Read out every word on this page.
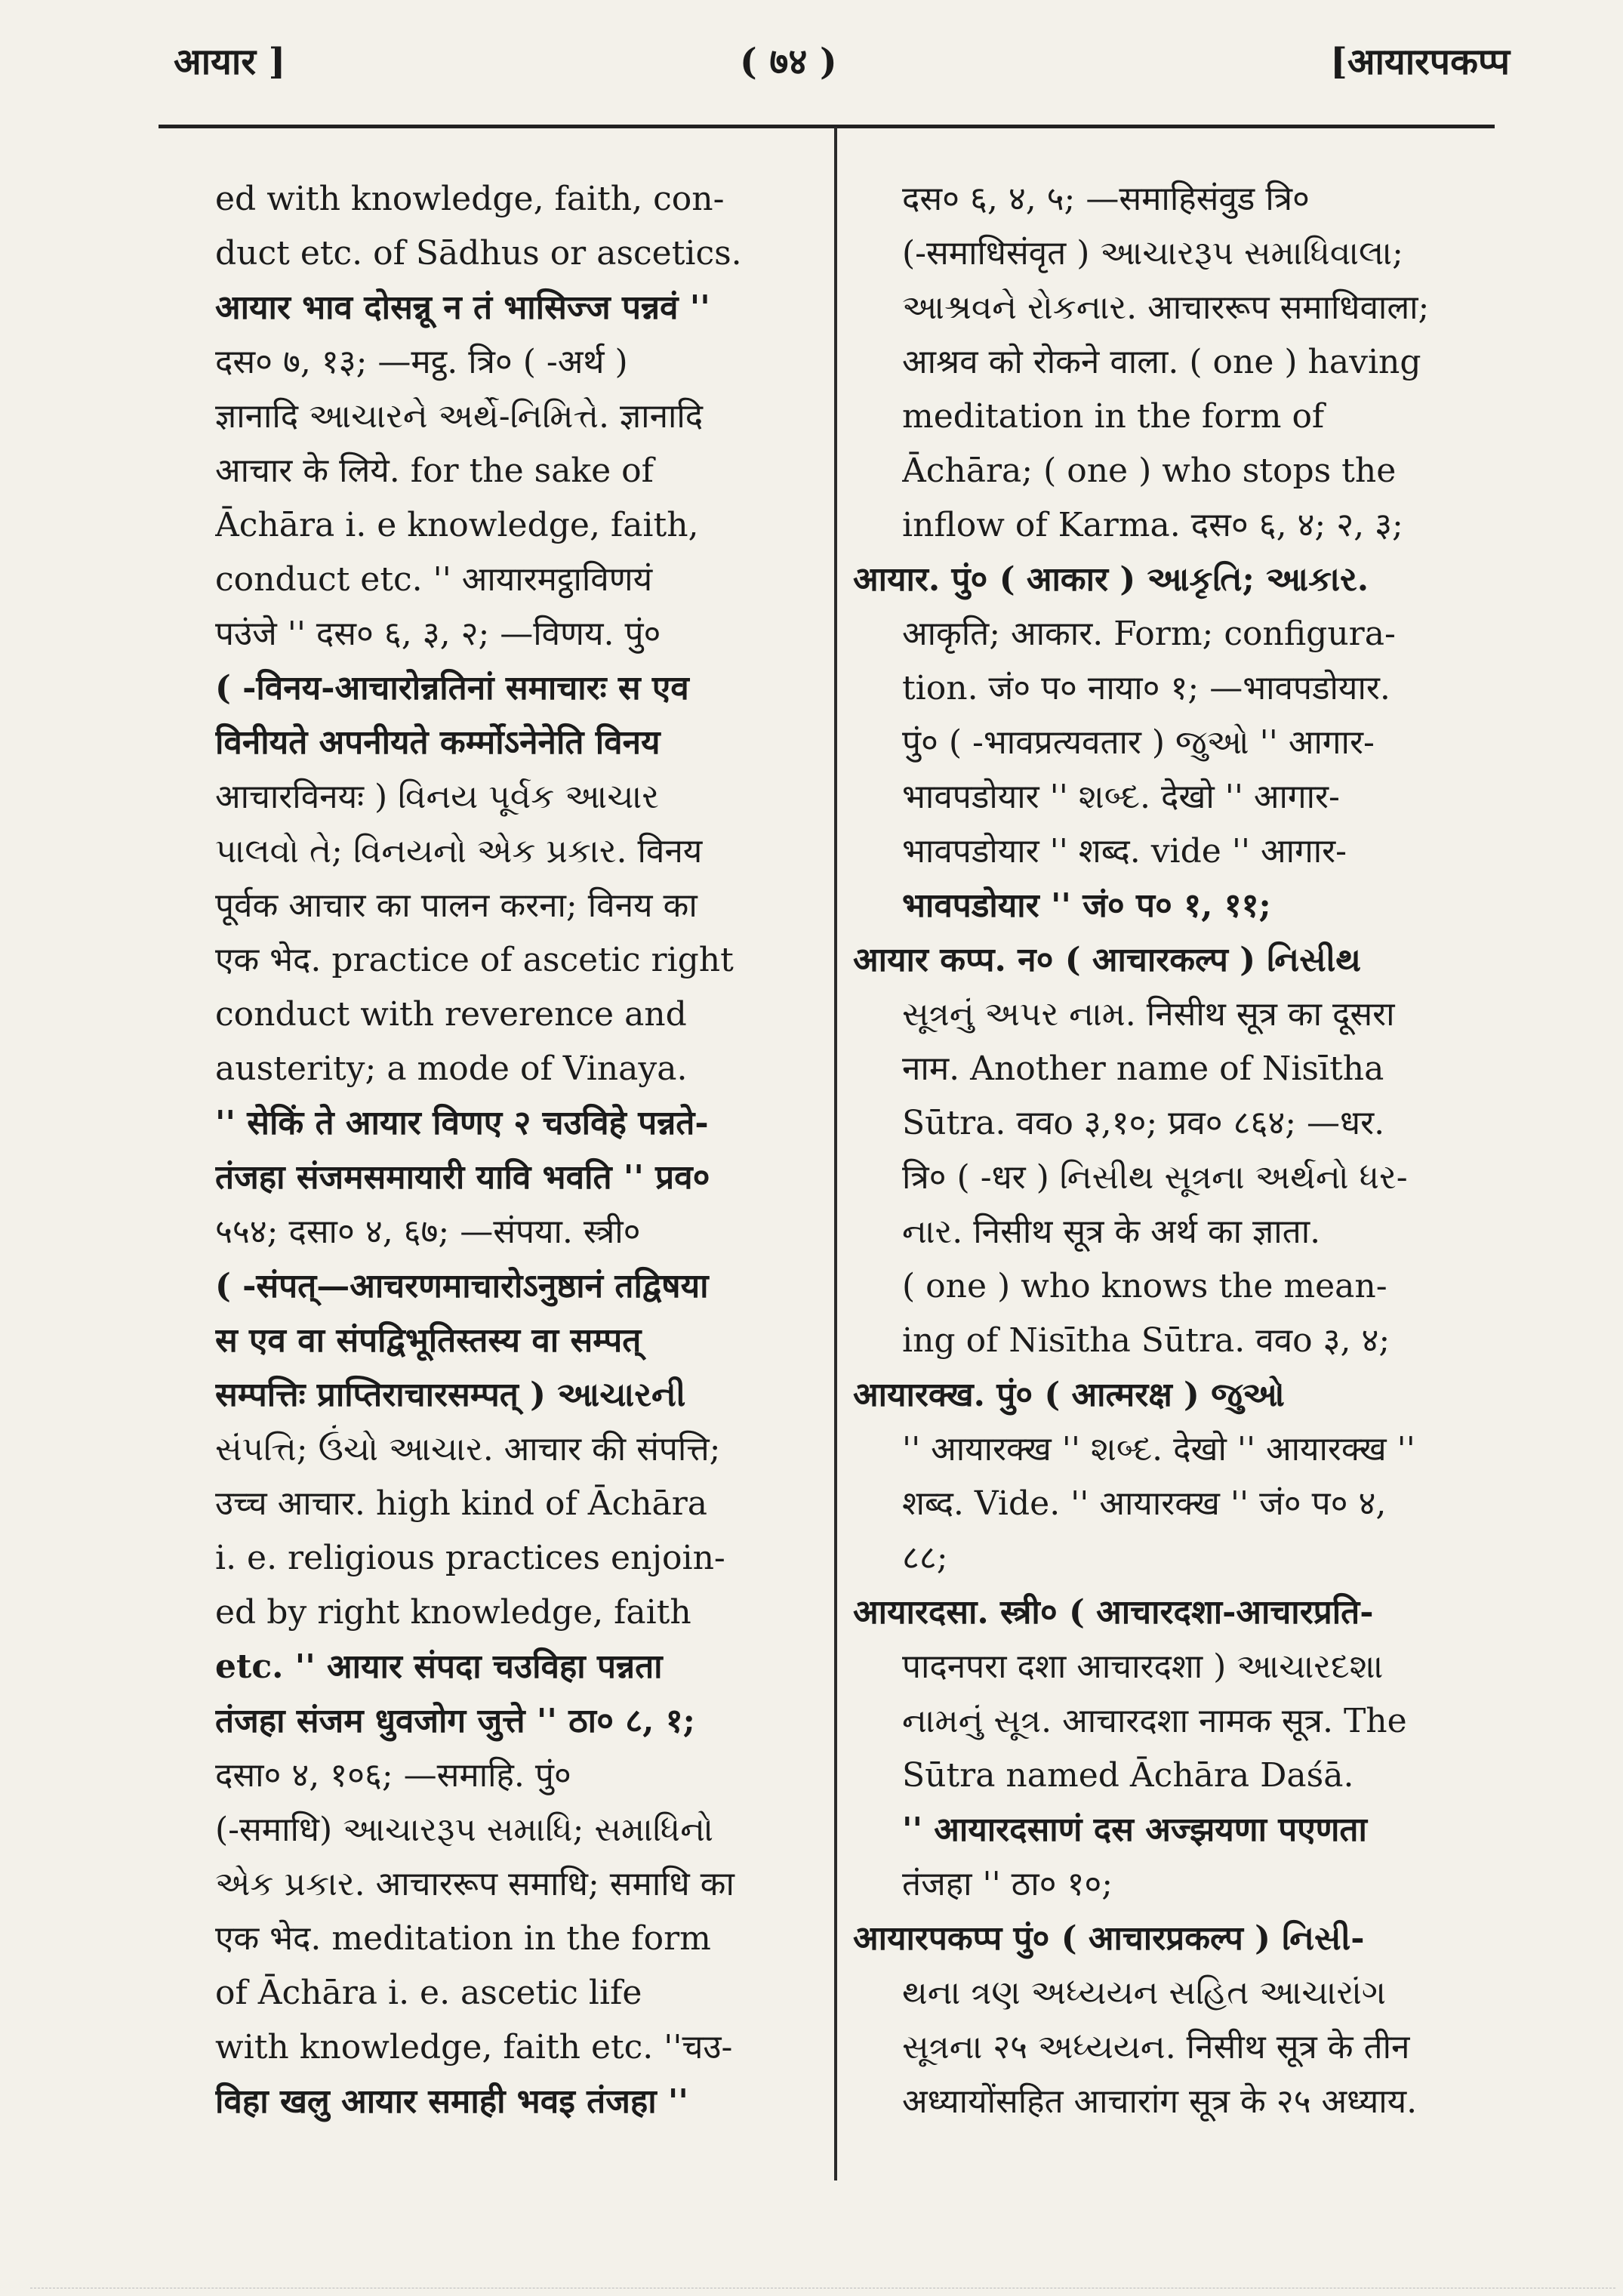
आयार ]	( ७४ )	[आयारपकप्प
ed with knowledge, faith, con-
duct etc. of Sādhus or ascetics.
आयार भाव दोसन्नू न तं भासिज्ज पन्नवं ''
दस० ७, १३; —मट्ठ. त्रि० ( -अर्थ )
ज्ञानादि આચારને અર્થે-નિમિત્તે. ज्ञानादि
आचार के लिये. for the sake of
Āchāra i. e knowledge, faith,
conduct etc. '' आयारमट्ठाविणयं
पउंजे '' दस० ६, ३, २; —विणय. पुं०
( -विनय-आचारोन्नतिनां समाचारः स एव
विनीयते अपनीयते कर्म्मोऽनेनेति विनय
आचारविनयः ) વિનય પૂર્વક આચાર
પાલવો તે; વિનયનો એક પ્રકાર. विनय
पूर्वक आचार का पालन करना; विनय का
एक भेद. practice of ascetic right
conduct with reverence and
austerity; a mode of Vinaya.
'' सेकिं ते आयार विणए २ चउविहे पन्नते-
तंजहा संजमसमायारी यावि भवति '' प्रव०
५५४; दसा० ४, ६७; —संपया. स्त्री०
( -संपत्—आचरणमाचारोऽनुष्ठानं तद्विषया
स एव वा संपद्विभूतिस्तस्य वा सम्पत्
सम्पत्तिः प्राप्तिराचारसम्पत् ) આચારની
સંપત્તિ; ઉંચો આચાર. आचार की संपत्ति;
उच्च आचार. high kind of Āchāra
i. e. religious practices enjoin-
ed by right knowledge, faith
etc. '' आयार संपदा चउविहा पन्नता
तंजहा संजम धुवजोग जुत्ते '' ठा० ८, १;
दसा० ४, १०६; —समाहि. पुं०
(-समाधि) આચારરૂપ સમાધિ; સમાધિનો
એક પ્રકાર. आचाररूप समाधि; समाधि का
एक भेद. meditation in the form
of Āchāra i. e. ascetic life
with knowledge, faith etc. ''चउ-
विहा खलु आयार समाही भवइ तंजहा ''
दस० ६, ४, ५; —समाहिसंवुड त्रि०
(-समाधिसंवृत ) આચારરૂપ સમાધિવાલા;
આશ્રવને રોકનાર. आचाररूप समाधिवाला;
आश्रव को रोकने वाला. ( one ) having
meditation in the form of
Āchāra; ( one ) who stops the
inflow of Karma. दस० ६, ४; २, ३;
आयार. पुं० ( आकार ) આકૃતિ; આકાર.
आकृति; आकार. Form; configura-
tion. जं० प० नाया० १; —भावपडोयार.
पुं० ( -भावप्रत्यवतार ) જુઓ '' आगार-
भावपडोयार '' શબ્દ. देखो '' आगार-
भावपडोयार '' शब्द. vide '' आगार-
भावपडोयार '' जं० प० १, ११;
आयार कप्प. न० ( आचारकल्प ) નિસીથ
સૂત્રનું અપર નામ. निसीथ सूत्र का दूसरा
नाम. Another name of Nisītha
Sūtra. ववo ३,१०; प्रव० ८६४; —धर.
त्रि० ( -धर ) નિસીથ સૂત્રના અર્થનો ધર-
નાર. निसीथ सूत्र के अर्थ का ज्ञाता.
( one ) who knows the mean-
ing of Nisītha Sūtra. ववo ३, ४;
आयारक्ख. पुं० ( आत्मरक्ष ) જુઓ
'' आयारक्ख '' શબ્દ. देखो '' आयारक्ख ''
शब्द. Vide. '' आयारक्ख '' जं० प० ४,
८८;
आयारदसा. स्त्री० ( आचारदशा-आचारप्रति-
पादनपरा दशा आचारदशा ) આચારદશા
નામનું સૂત્ર. आचारदशा नामक सूत्र. The
Sūtra named Āchāra Daśā.
'' आयारदसाणं दस अज्झयणा पएणता
तंजहा '' ठा० १०;
आयारपकप्प पुं० ( आचारप्रकल्प ) નિસી-
થના ત્રણ અધ્યયન સહિત આચારાંગ
સૂત્રના २५ અધ્યયન. निसीथ सूत्र के तीन
अध्यायोंसहित आचारांग सूत्र के २५ अध्याय.
